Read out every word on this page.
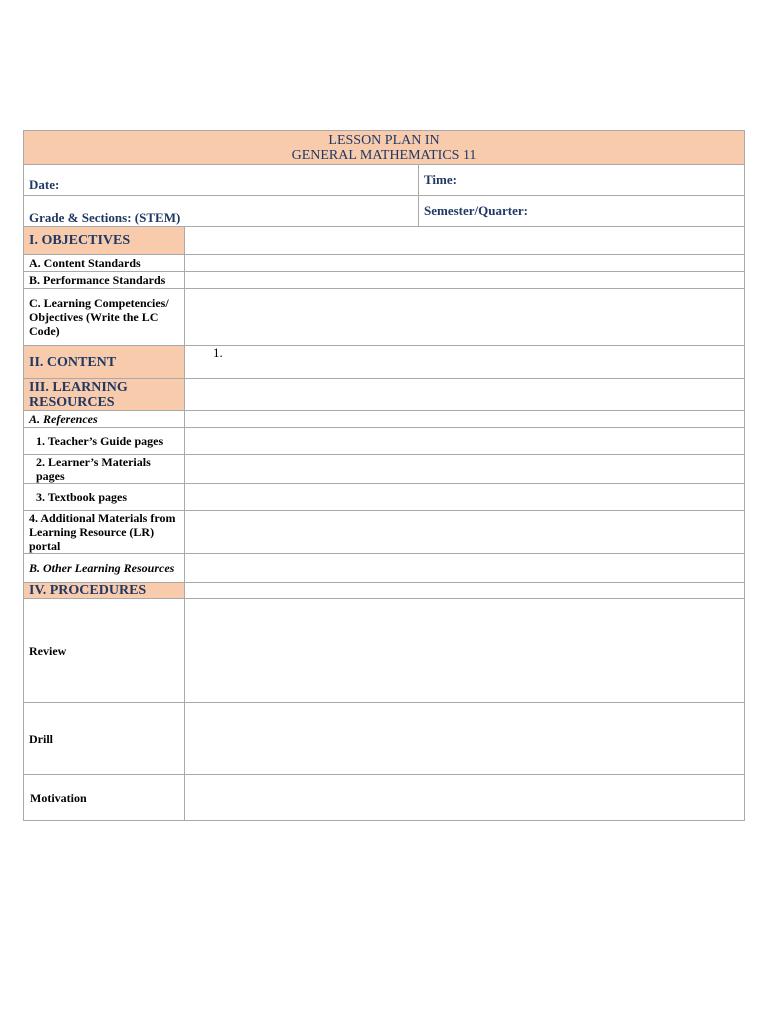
LESSON PLAN IN
GENERAL MATHEMATICS 11		

Date:		Time:
Grade & Sections: (STEM)		Semester/Quarter:
I. OBJECTIVES		
A. Content Standards		
B. Performance Standards		
C. Learning Competencies/ Objectives (Write the LC Code)		
II. CONTENT	1.	
III. LEARNING RESOURCES		
A. References		
1. Teacher’s Guide pages		
2. Learner’s Materials pages		
3. Textbook pages		
4. Additional Materials from Learning Resource (LR) portal		
B. Other Learning Resources		
IV. PROCEDURES		
Review		
Drill		
Motivation		
